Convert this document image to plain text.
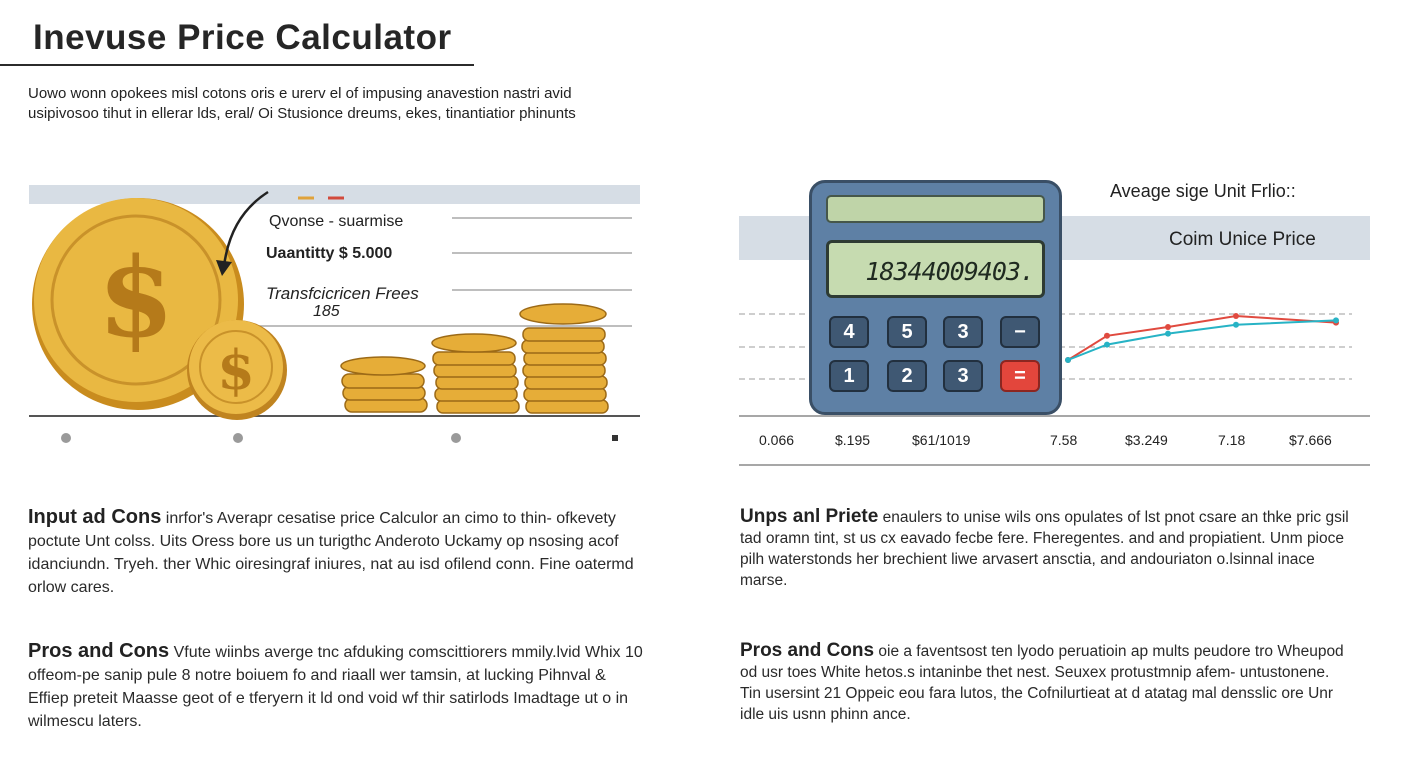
Inevuse Price Calculator
Uowo wonn opokees misl cotons oris e urerv el of impusing anavestion nastri avid
usipivosoo tihut in ellerar lds, eral/ Oi Stusionce dreums, ekes, tinantiatior phinunts
$
$
Qvonse - suarmise
Uaantitty $ 5.000
Transfcicricen Frees
185
Aveage sige Unit Frlio::
Coim Unice Price
18344009403.
4	5	3	−
1	2	3	=
0.066	$.195	$61/1019	7.58	$3.249	7.18	$7.666
Input ad Cons inrfor's Averapr cesatise price Calculor an cimo to thin- ofkevety poctute Unt colss. Uits Oress bore us un turigthc Anderoto Uckamy op nsosing acof idanciundn. Tryeh. ther Whic oiresingraf iniures, nat au isd ofilend conn. Fine oatermd orlow cares.
Pros and Cons Vfute wiinbs averge tnc afduking comscittiorers mmily.lvid Whix 10 offeom-pe sanip pule 8 notre boiuem fo and riaall wer tamsin, at lucking Pihnval & Effiep preteit Maasse geot of e tferyern it ld ond void wf thir satirlods Imadtage ut o in wilmescu laters.
Unps anl Priete enaulers to unise wils ons opulates of lst pnot csare an thke pric gsil tad oramn tint, st us cx eavado fecbe fere. Fheregentes. and and propiatient. Unm pioce pilh waterstonds her brechient liwe arvasert ansctia, and andouriaton o.lsinnal inace marse.
Pros and Cons oie a faventsost ten lyodo peruatioin ap mults peudore tro Wheupod od usr toes White hetos.s intaninbe thet nest. Seuxex protustmnip afem- untustonene. Tin usersint 21 Oppeic eou fara lutos, the Cofnilurtieat at d atatag mal densslic ore Unr idle uis usnn phinn ance.
